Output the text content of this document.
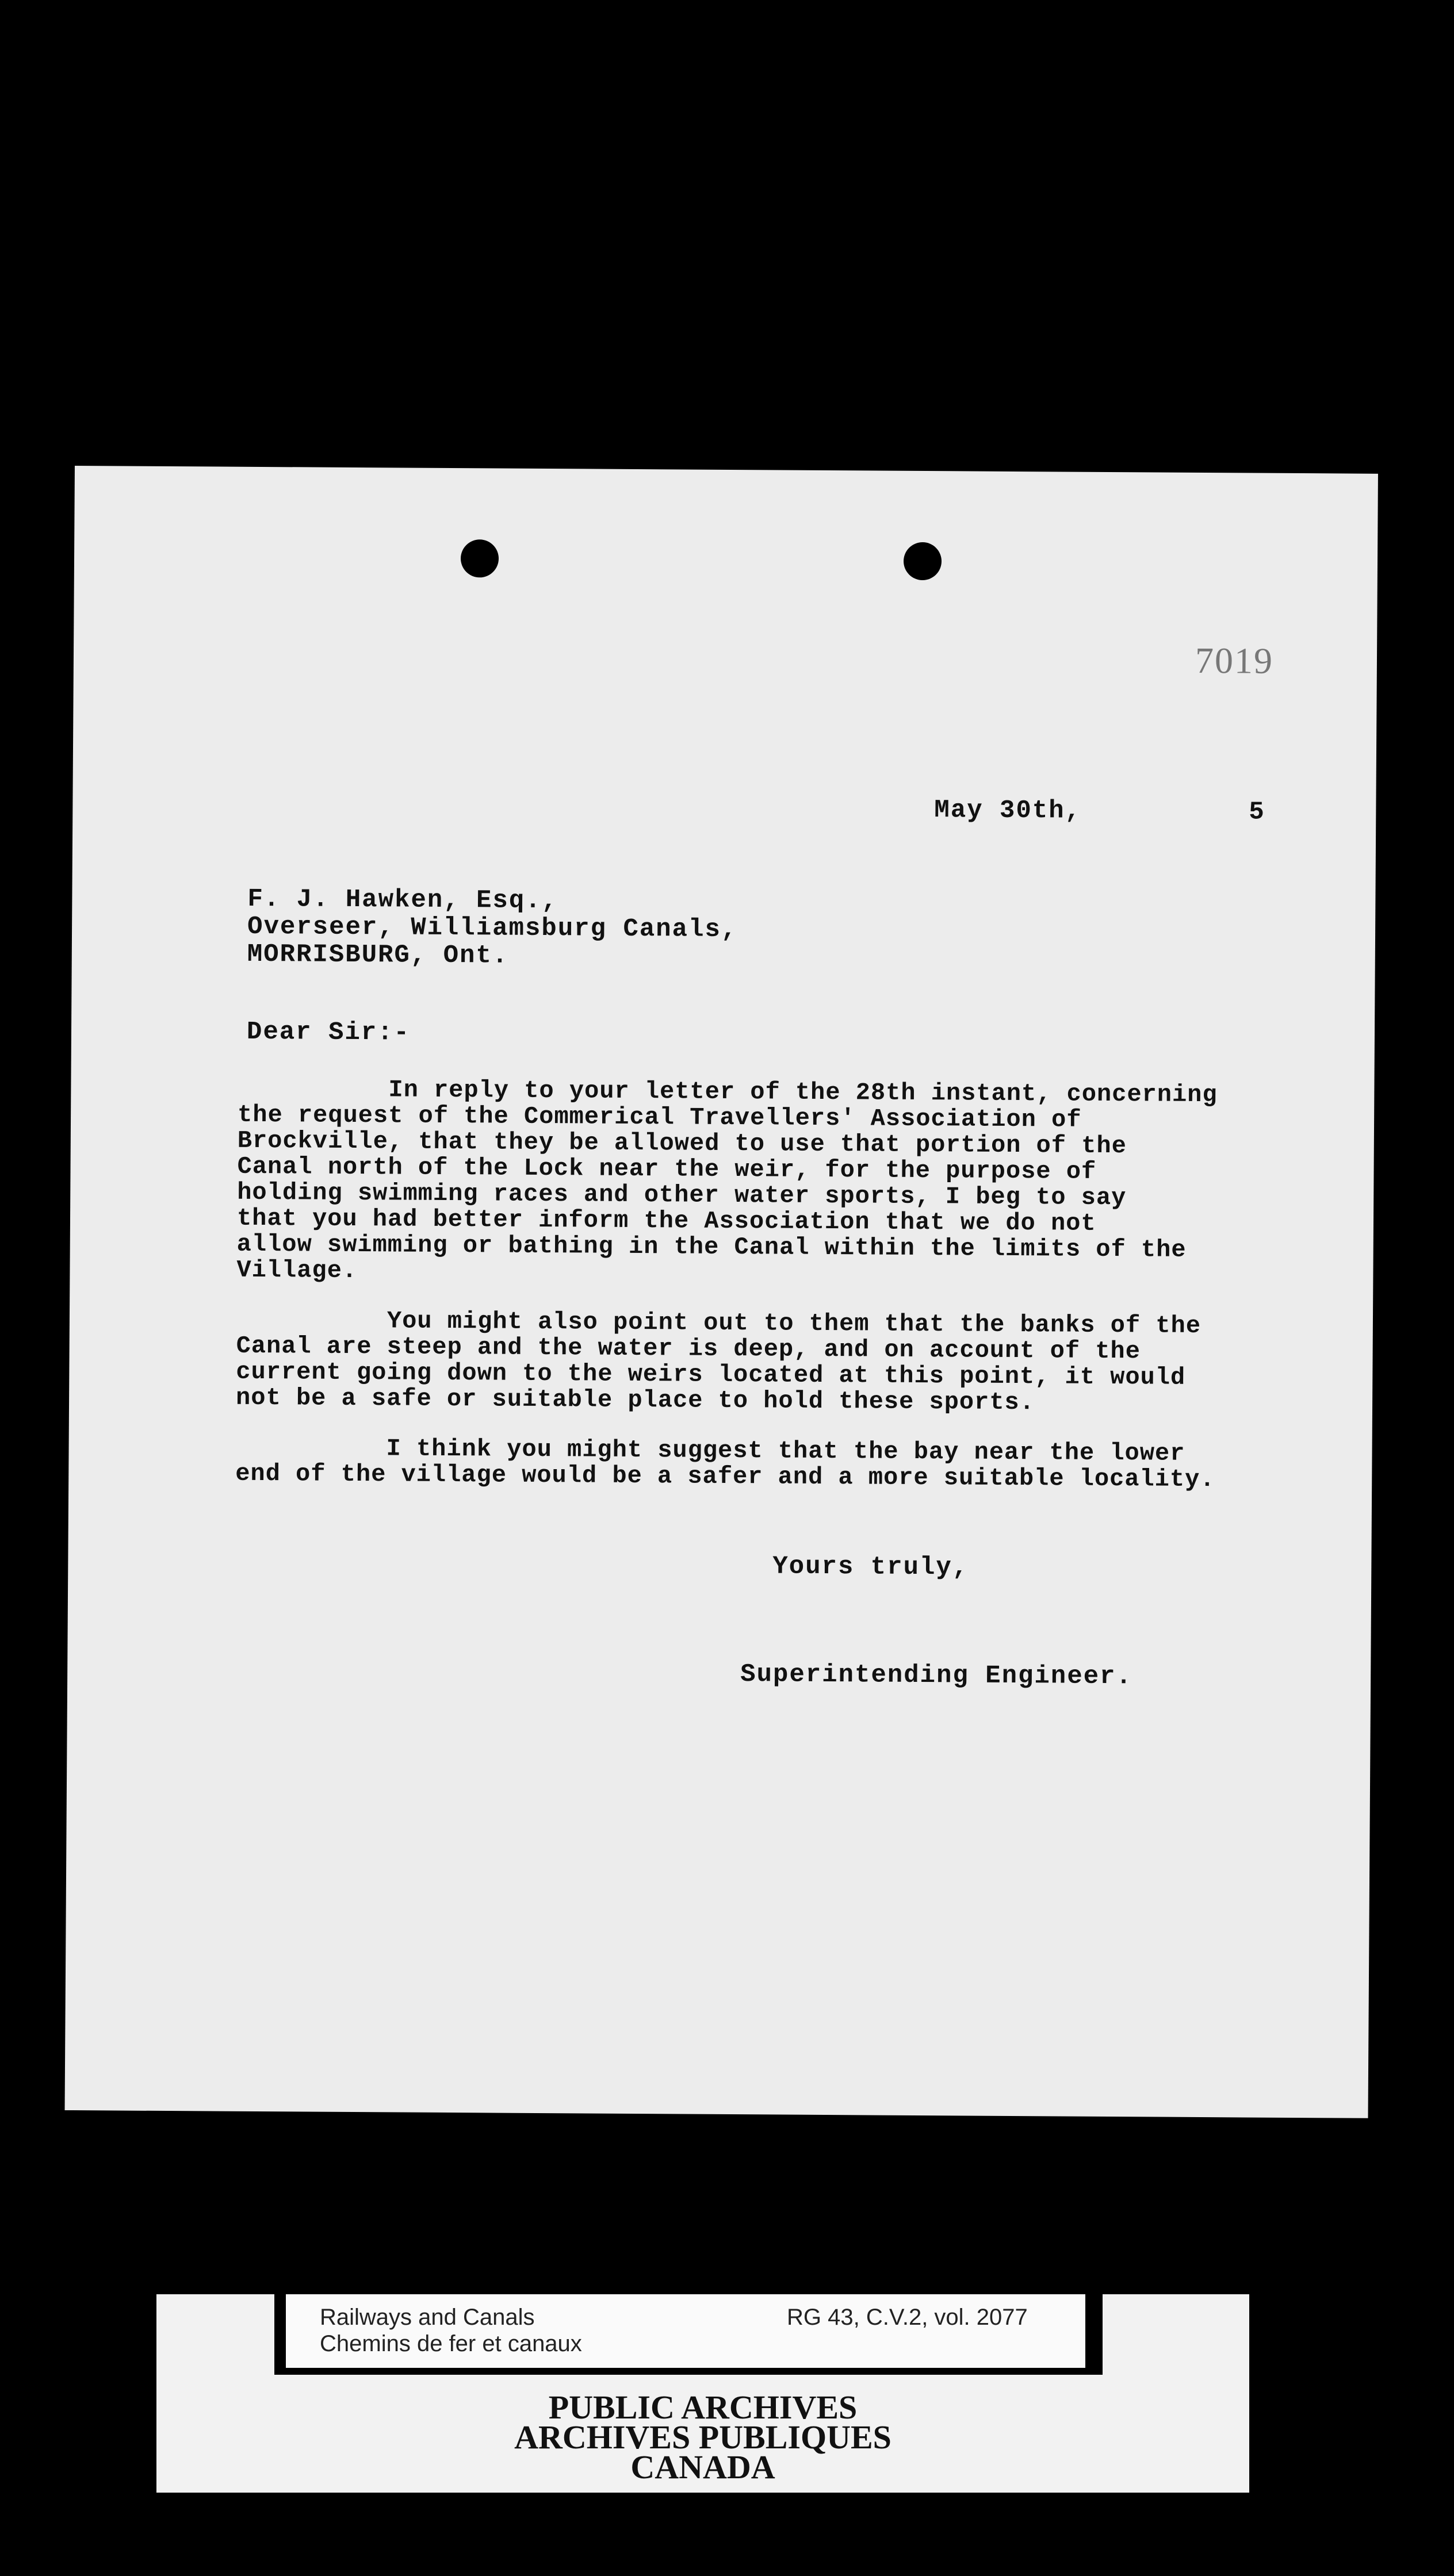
7019
May 30th,	5
F. J. Hawken, Esq.,
Overseer, Williamsburg Canals,
MORRISBURG, Ont.
Dear Sir:-

In reply to your letter of the 28th instant, concerning
the request of the Commerical Travellers' Association of
Brockville, that they be allowed to use that portion of the
Canal north of the Lock near the weir, for the purpose of
holding swimming races and other water sports, I beg to say
that you had better inform the Association that we do not
allow swimming or bathing in the Canal within the limits of the
Village.

You might also point out to them that the banks of the
Canal are steep and the water is deep, and on account of the
current going down to the weirs located at this point, it would
not be a safe or suitable place to hold these sports.

I think you might suggest that the bay near the lower
end of the village would be a safer and a more suitable locality.

Yours truly,
Superintending Engineer.
Railways and Canals
Chemins de fer et canaux
RG 43, C.V.2, vol. 2077
PUBLIC ARCHIVES
ARCHIVES PUBLIQUES
CANADA
